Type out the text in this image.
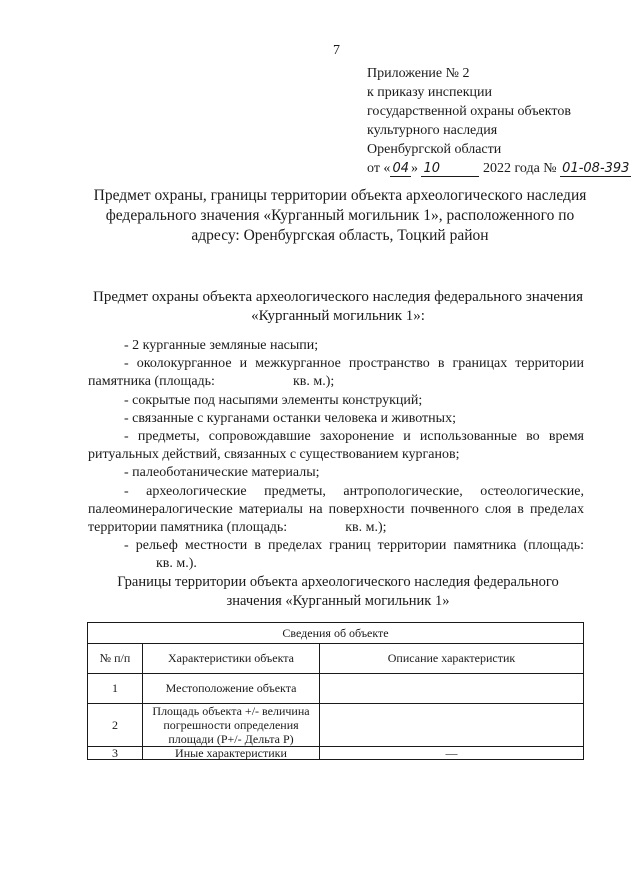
7
Приложение № 2
к приказу инспекции
государственной охраны объектов
культурного наследия
Оренбургской области
от « 04 » 10	2022 года № 01-08-393
Предмет охраны, границы территории объекта археологического наследия федерального значения «Курганный могильник 1», расположенного по адресу: Оренбургская область, Тоцкий район
Предмет охраны объекта археологического наследия федерального значения «Курганный могильник 1»:

- 2 курганные земляные насыпи;

- околокурганное и межкурганное пространство в границах территории памятника (площадь:	кв. м.);

- сокрытые под насыпями элементы конструкций;

- связанные с курганами останки человека и животных;

- предметы, сопровождавшие захоронение и использованные во время ритуальных действий, связанных с существованием курганов;

- палеоботанические материалы;

- археологические предметы, антропологические, остеологические, палеоминералогические материалы на поверхности почвенного слоя в пределах территории памятника (площадь:	кв. м.);

- рельеф местности в пределах границ территории памятника (площадь:кв. м.).

Границы территории объекта археологического наследия федерального значения «Курганный могильник 1»
Сведения об объекте		
№ п/п	Характеристики объекта	Описание характеристик
1	Местоположение объекта	
2	Площадь объекта +/- величина погрешности определения площади (Р+/- Дельта Р)	
3	Иные характеристики	—
